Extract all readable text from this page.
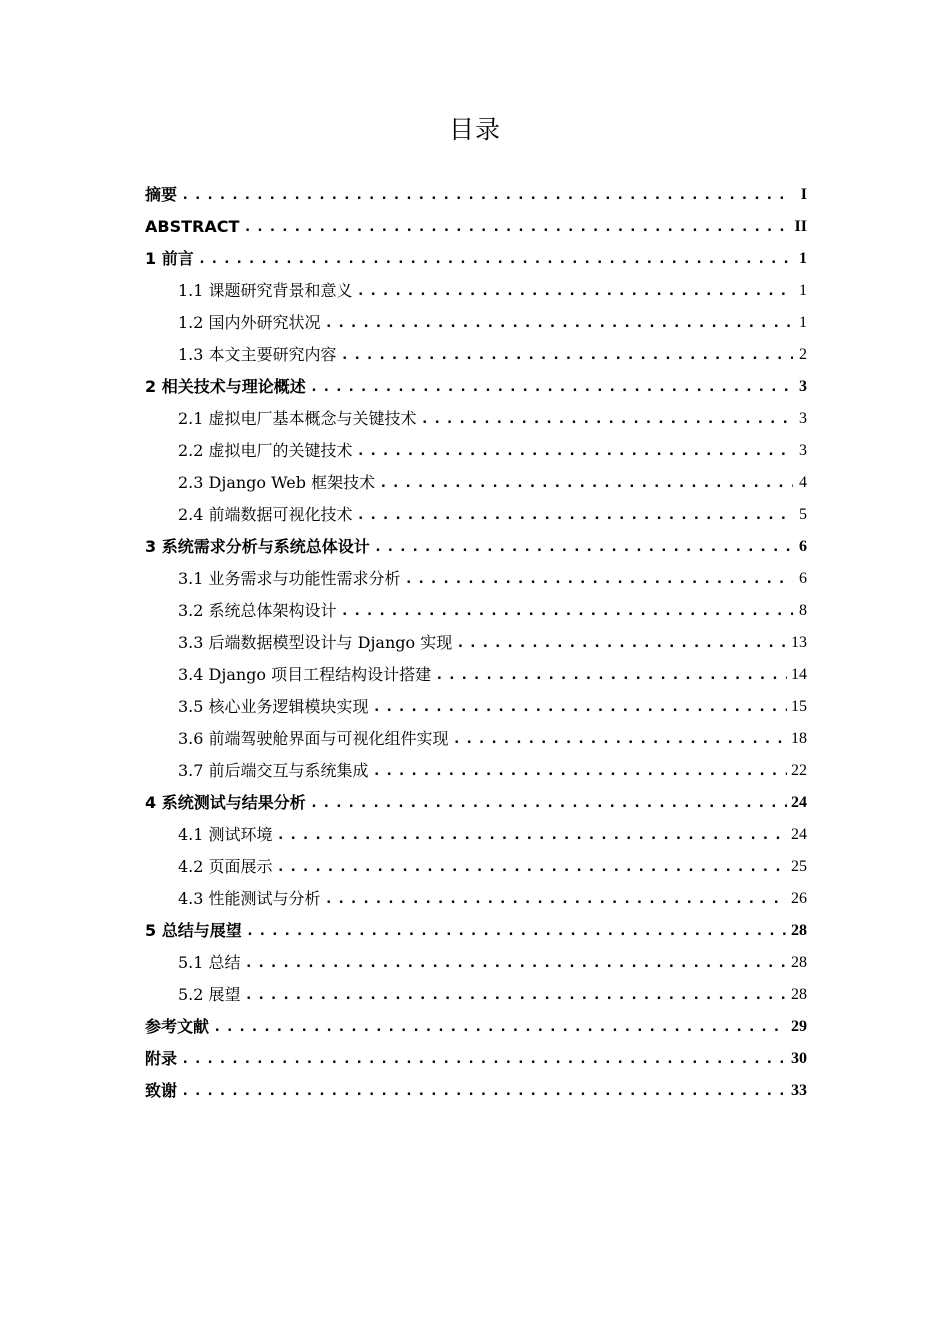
目录
摘要 .....	I
ABSTRACT .....	II
1 前言 .....	1
1.1 课题研究背景和意义 .....	1
1.2 国内外研究状况 .....	1
1.3 本文主要研究内容 .....	2
2 相关技术与理论概述 .....	3
2.1 虚拟电厂基本概念与关键技术 .....	3
2.2 虚拟电厂的关键技术 .....	3
2.3 Django Web 框架技术 .....	4
2.4 前端数据可视化技术 .....	5
3 系统需求分析与系统总体设计 .....	6
3.1 业务需求与功能性需求分析 .....	6
3.2 系统总体架构设计 .....	8
3.3 后端数据模型设计与 Django 实现 .....	13
3.4 Django 项目工程结构设计搭建 .....	14
3.5 核心业务逻辑模块实现 .....	15
3.6 前端驾驶舱界面与可视化组件实现 .....	18
3.7 前后端交互与系统集成 .....	22
4 系统测试与结果分析 .....	24
4.1 测试环境 .....	24
4.2 页面展示 .....	25
4.3 性能测试与分析 .....	26
5 总结与展望 .....	28
5.1 总结 .....	28
5.2 展望 .....	28
参考文献 .....	29
附录 .....	30
致谢 .....	33
